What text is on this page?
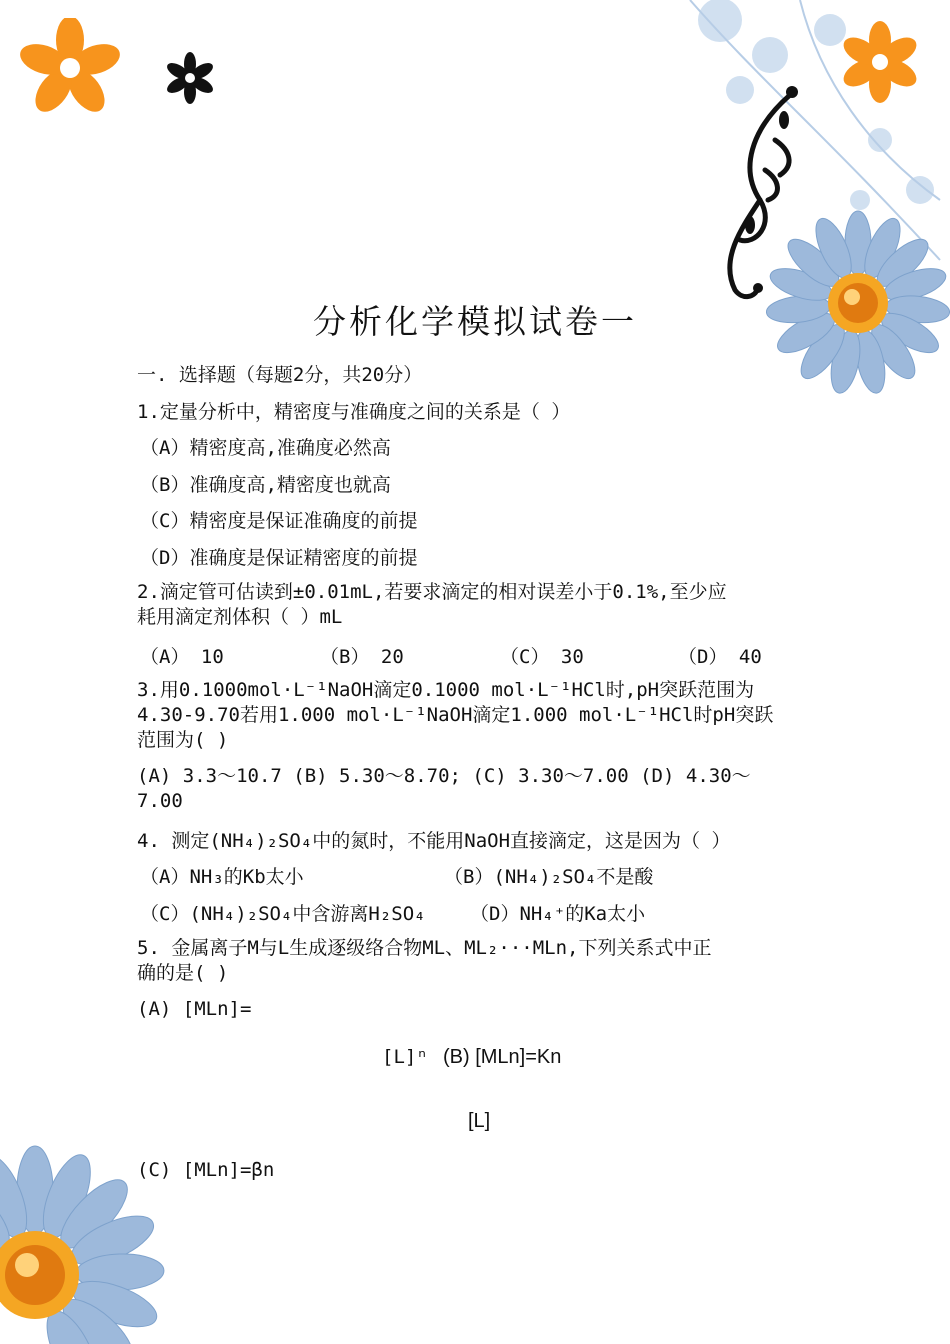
分析化学模拟试卷一
一. 选择题（每题2分，共20分）
1.定量分析中，精密度与准确度之间的关系是（ ）
（A）精密度高,准确度必然高
（B）准确度高,精密度也就高
（C）精密度是保证准确度的前提
（D）准确度是保证精密度的前提
2.滴定管可估读到±0.01mL,若要求滴定的相对误差小于0.1%,至少应
耗用滴定剂体积（ ）mL
（A） 10	（B） 20	（C） 30	（D） 40
3.用0.1000mol·L⁻¹NaOH滴定0.1000 mol·L⁻¹HCl时,pH突跃范围为
4.30-9.70若用1.000 mol·L⁻¹NaOH滴定1.000 mol·L⁻¹HCl时pH突跃
范围为( )
(A) 3.3～10.7 (B) 5.30～8.70; (C) 3.30～7.00 (D) 4.30～
7.00
4. 测定(NH₄)₂SO₄中的氮时，不能用NaOH直接滴定，这是因为（ ）
（A）NH₃的Kb太小	（B）(NH₄)₂SO₄不是酸
（C）(NH₄)₂SO₄中含游离H₂SO₄ （D）NH₄⁺的Ka太小
5. 金属离子M与L生成逐级络合物ML、ML₂···MLn,下列关系式中正
确的是( )
(A) [MLn]=
[L]ⁿ (B) [MLn]=Kn
[L]
(C) [MLn]=βn
